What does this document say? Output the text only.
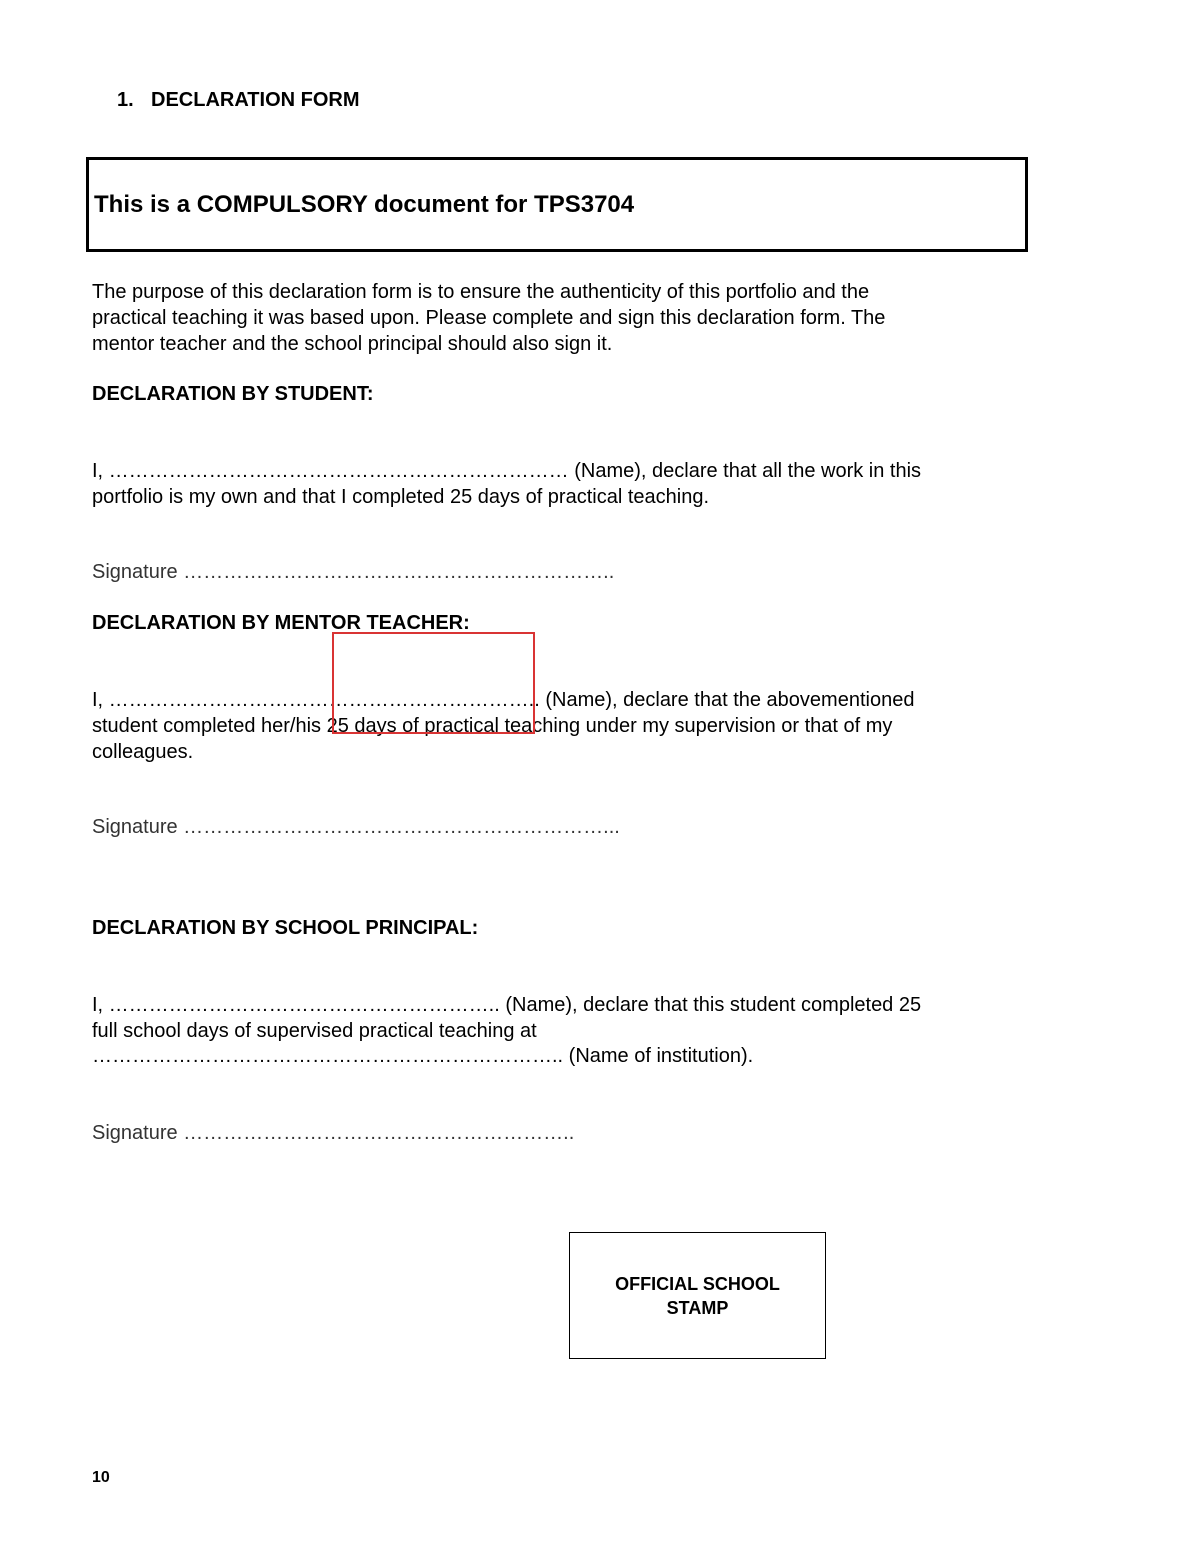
1. DECLARATION FORM
This is a COMPULSORY document for TPS3704
The purpose of this declaration form is to ensure the authenticity of this portfolio and the
practical teaching it was based upon. Please complete and sign this declaration form. The
mentor teacher and the school principal should also sign it.
DECLARATION BY STUDENT:
I, …………………………………………………………… (Name), declare that all the work in this
portfolio is my own and that I completed 25 days of practical teaching.
Signature ………………………………………………………..
DECLARATION BY MENTOR TEACHER:
I, ……………………………………………………….. (Name), declare that the abovementioned
student completed her/his 25 days of practical teaching under my supervision or that of my
colleagues.
Signature ………………………………………………………...
DECLARATION BY SCHOOL PRINCIPAL:
I, ………………………………………………….. (Name), declare that this student completed 25
full school days of supervised practical teaching at
…………………………………………………………….. (Name of institution).
Signature …………………………………………………..
OFFICIAL SCHOOL
STAMP
10
